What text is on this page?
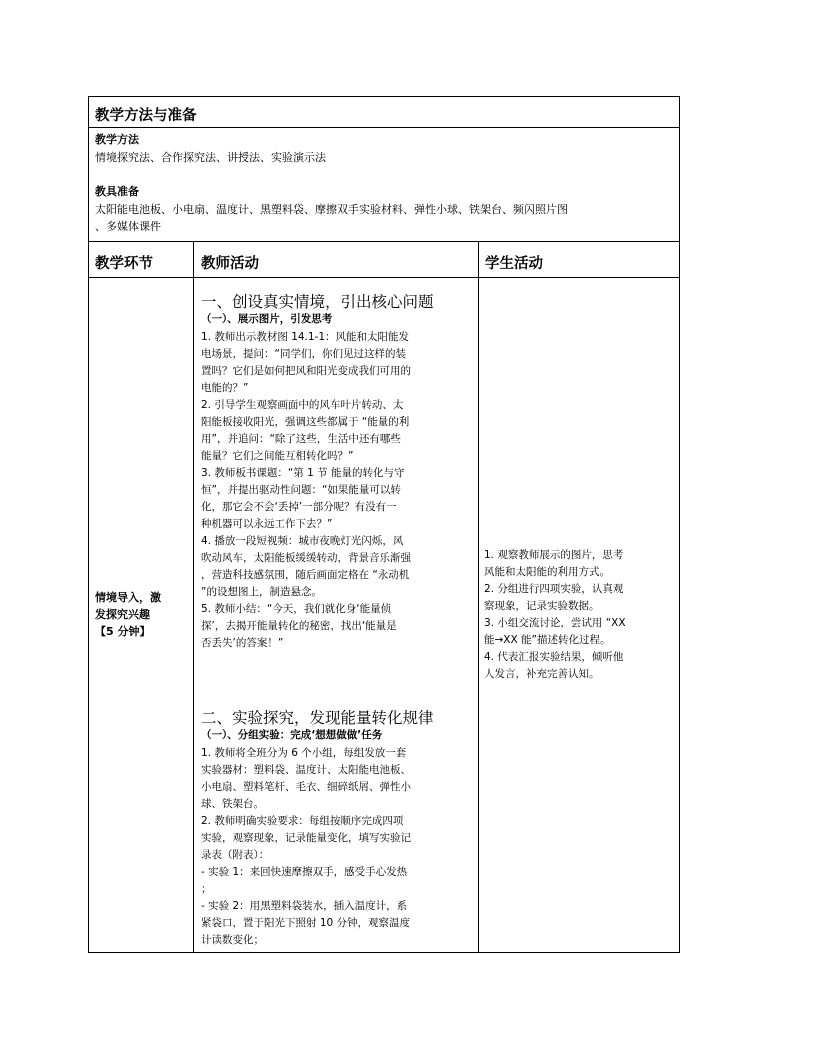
教学方法与准备
教学方法
情境探究法、合作探究法、讲授法、实验演示法
教具准备
太阳能电池板、小电扇、温度计、黑塑料袋、摩擦双手实验材料、弹性小球、铁架台、频闪照片图
、多媒体课件
教学环节	教师活动	学生活动
情境导入，激
发探究兴趣
【5 分钟】
一、创设真实情境，引出核心问题
（一）、展示图片，引发思考
1. 教师出示教材图 14.1-1：风能和太阳能发
电场景，提问：“同学们，你们见过这样的装
置吗？它们是如何把风和阳光变成我们可用的
电能的？”
2. 引导学生观察画面中的风车叶片转动、太
阳能板接收阳光，强调这些都属于 “能量的利
用”，并追问：“除了这些，生活中还有哪些
能量？它们之间能互相转化吗？”
3. 教师板书课题：“第 1 节 能量的转化与守
恒”，并提出驱动性问题：“如果能量可以转
化，那它会不会‘丢掉’一部分呢？有没有一
种机器可以永远工作下去？”
4. 播放一段短视频：城市夜晚灯光闪烁，风
吹动风车，太阳能板缓缓转动，背景音乐渐强
，营造科技感氛围，随后画面定格在 “永动机
”的设想图上，制造悬念。
5. 教师小结：“今天，我们就化身‘能量侦
探’，去揭开能量转化的秘密，找出‘能量是
否丢失’的答案！”
二、实验探究，发现能量转化规律
（一）、分组实验：完成‘想想做做’任务
1. 教师将全班分为 6 个小组，每组发放一套
实验器材：塑料袋、温度计、太阳能电池板、
小电扇、塑料笔杆、毛衣、细碎纸屑、弹性小
球、铁架台。
2. 教师明确实验要求：每组按顺序完成四项
实验，观察现象，记录能量变化，填写实验记
录表（附表）：
- 实验 1：来回快速摩擦双手，感受手心发热
；
- 实验 2：用黑塑料袋装水，插入温度计，系
紧袋口，置于阳光下照射 10 分钟，观察温度
计读数变化；
1. 观察教师展示的图片，思考
风能和太阳能的利用方式。
2. 分组进行四项实验，认真观
察现象，记录实验数据。
3. 小组交流讨论，尝试用 “XX
能→XX 能”描述转化过程。
4. 代表汇报实验结果，倾听他
人发言，补充完善认知。
